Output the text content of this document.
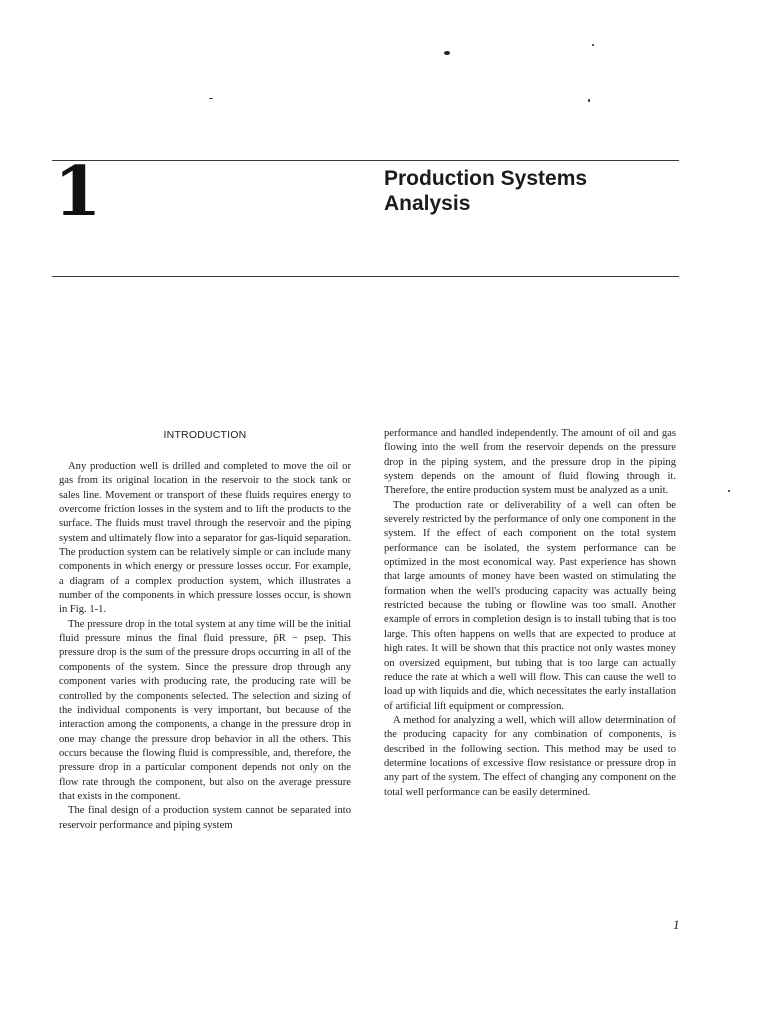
1	Production Systems
Analysis
INTRODUCTION

Any production well is drilled and completed to move the oil or gas from its original location in the reservoir to the stock tank or sales line. Movement or transport of these fluids requires energy to overcome friction losses in the system and to lift the products to the surface. The fluids must travel through the reservoir and the piping system and ultimately flow into a separator for gas-liquid separation. The production system can be relatively simple or can include many components in which energy or pressure losses occur. For example, a diagram of a complex production system, which illustrates a number of the components in which pressure losses occur, is shown in Fig. 1-1.

The pressure drop in the total system at any time will be the initial fluid pressure minus the final fluid pressure, p̄R − psep. This pressure drop is the sum of the pressure drops occurring in all of the components of the system. Since the pressure drop through any component varies with producing rate, the producing rate will be controlled by the components selected. The selection and sizing of the individual components is very important, but because of the interaction among the components, a change in the pressure drop in one may change the pressure drop behavior in all the others. This occurs because the flowing fluid is compressible, and, therefore, the pressure drop in a particular component depends not only on the flow rate through the component, but also on the average pressure that exists in the component.

The final design of a production system cannot be separated into reservoir performance and piping system

performance and handled independently. The amount of oil and gas flowing into the well from the reservoir depends on the pressure drop in the piping system, and the pressure drop in the piping system depends on the amount of fluid flowing through it. Therefore, the entire production system must be analyzed as a unit.

The production rate or deliverability of a well can often be severely restricted by the performance of only one component in the system. If the effect of each component on the total system performance can be isolated, the system performance can be optimized in the most economical way. Past experience has shown that large amounts of money have been wasted on stimulating the formation when the well's producing capacity was actually being restricted because the tubing or flowline was too small. Another example of errors in completion design is to install tubing that is too large. This often happens on wells that are expected to produce at high rates. It will be shown that this practice not only wastes money on oversized equipment, but tubing that is too large can actually reduce the rate at which a well will flow. This can cause the well to load up with liquids and die, which necessitates the early installation of artificial lift equipment or compression.

A method for analyzing a well, which will allow determination of the producing capacity for any combination of components, is described in the following section. This method may be used to determine locations of excessive flow resistance or pressure drop in any part of the system. The effect of changing any component on the total well performance can be easily determined.

1
